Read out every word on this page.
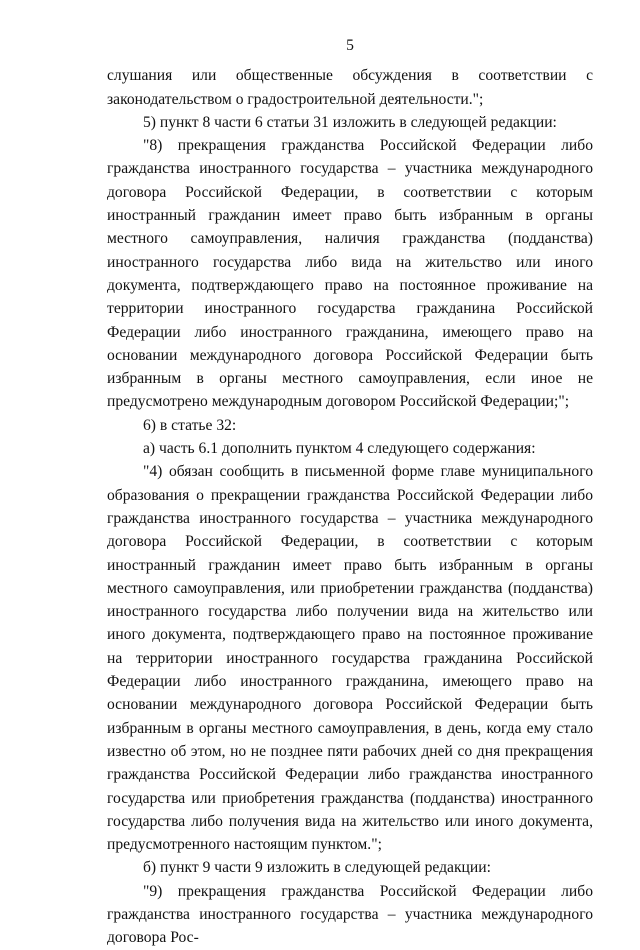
5

слушания или общественные обсуждения в соответствии с законодательством о градостроительной деятельности.";

5) пункт 8 части 6 статьи 31 изложить в следующей редакции:

"8) прекращения гражданства Российской Федерации либо гражданства иностранного государства – участника международного договора Российской Федерации, в соответствии с которым иностранный гражданин имеет право быть избранным в органы местного самоуправления, наличия гражданства (подданства) иностранного государства либо вида на жительство или иного документа, подтверждающего право на постоянное проживание на территории иностранного государства гражданина Российской Федерации либо иностранного гражданина, имеющего право на основании международного договора Российской Федерации быть избранным в органы местного самоуправления, если иное не предусмотрено международным договором Российской Федерации;";

6) в статье 32:

а) часть 6.1 дополнить пунктом 4 следующего содержания:

"4) обязан сообщить в письменной форме главе муниципального образования о прекращении гражданства Российской Федерации либо гражданства иностранного государства – участника международного договора Российской Федерации, в соответствии с которым иностранный гражданин имеет право быть избранным в органы местного самоуправления, или приобретении гражданства (подданства) иностранного государства либо получении вида на жительство или иного документа, подтверждающего право на постоянное проживание на территории иностранного государства гражданина Российской Федерации либо иностранного гражданина, имеющего право на основании международного договора Российской Федерации быть избранным в органы местного самоуправления, в день, когда ему стало известно об этом, но не позднее пяти рабочих дней со дня прекращения гражданства Российской Федерации либо гражданства иностранного государства или приобретения гражданства (подданства) иностранного государства либо получения вида на жительство или иного документа, предусмотренного настоящим пунктом.";

б) пункт 9 части 9 изложить в следующей редакции:

"9) прекращения гражданства Российской Федерации либо гражданства иностранного государства – участника международного договора Рос-
